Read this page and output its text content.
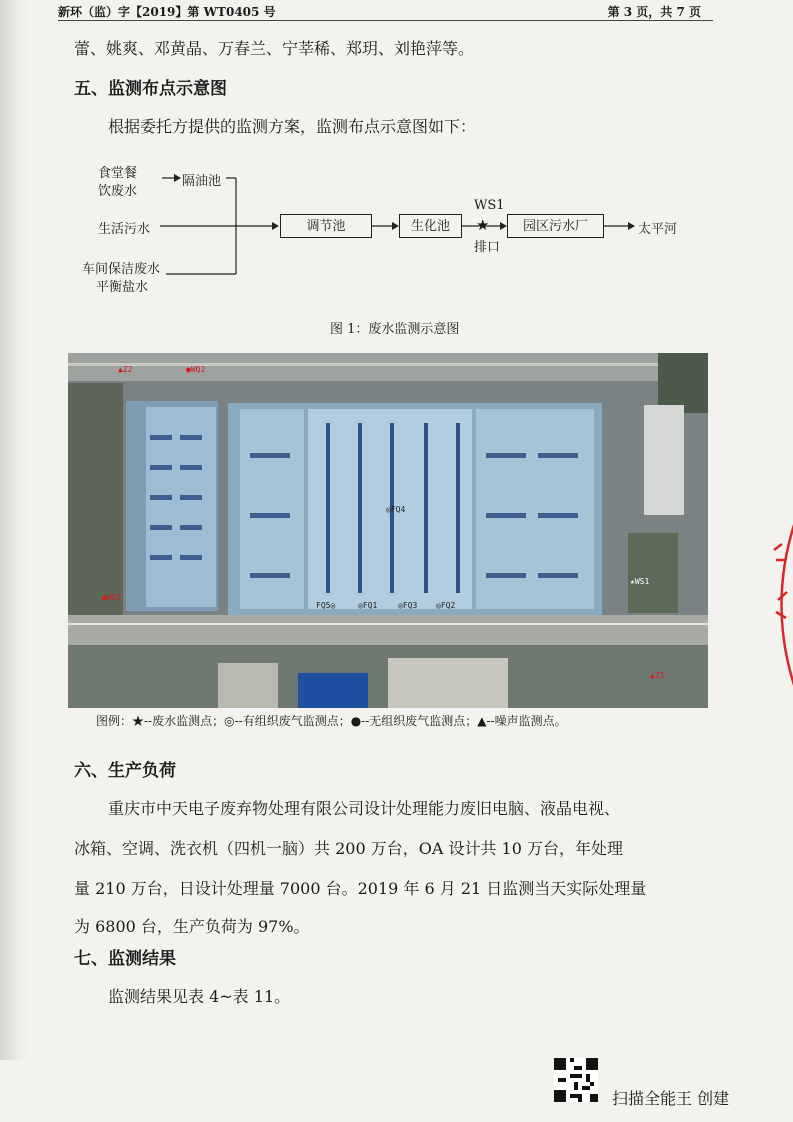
新环（监）字【2019】第 WT0405 号	第 3 页，共 7 页
蕾、姚爽、邓黄晶、万春兰、宁莘稀、郑玥、刘艳萍等。
五、监测布点示意图
根据委托方提供的监测方案，监测布点示意图如下：
食堂餐
饮废水
隔油池
生活污水
车间保洁废水
平衡盐水
调节池	生化池
WS1
★
排口
园区污水厂	太平河
图 1：废水监测示意图
▲Z2	●WQ2
◎FQ4
FQ5◎	◎FQ1	◎FQ3 ◎FQ2
★WS1
●WQ1
▲Z1
图例：★--废水监测点；◎--有组织废气监测点；●--无组织废气监测点；▲--噪声监测点。
六、生产负荷
重庆市中天电子废弃物处理有限公司设计处理能力废旧电脑、液晶电视、
冰箱、空调、洗衣机（四机一脑）共 200 万台，OA 设计共 10 万台，年处理
量 210 万台，日设计处理量 7000 台。2019 年 6 月 21 日监测当天实际处理量
为 6800 台，生产负荷为 97%。
七、监测结果
监测结果见表 4~表 11。
扫描全能王 创建
